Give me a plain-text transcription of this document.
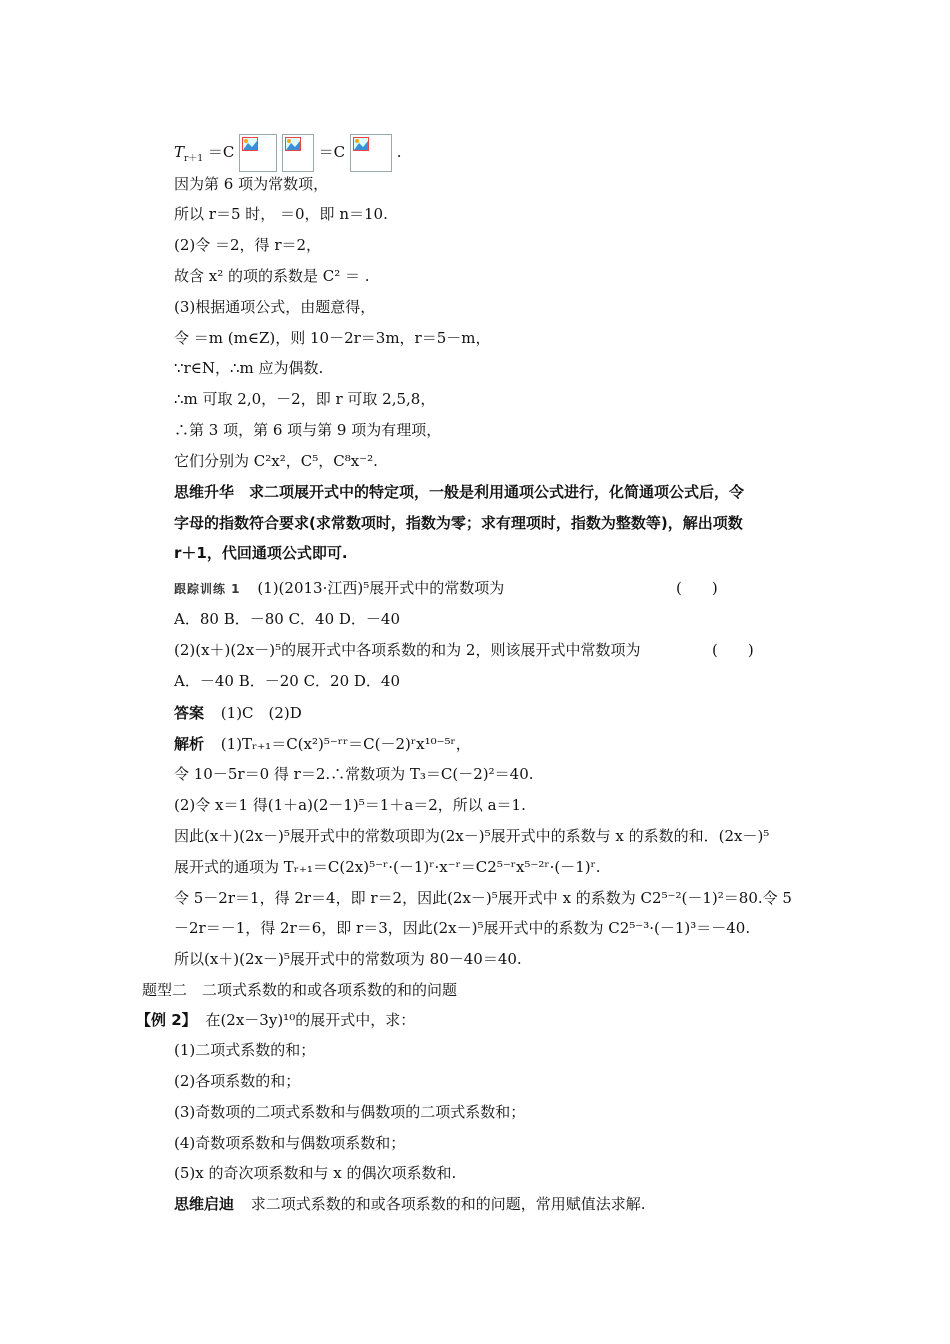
$T_{r+1} =C$
	＝C	.
因为第 6 项为常数项，
所以 r＝5 时， ＝0，即 n＝10.
(2)令 ＝2，得 r＝2，
故含 x² 的项的系数是 C² ＝ .
(3)根据通项公式，由题意得，
令 ＝m (m∈Z)，则 10－2r＝3m，r＝5－m，
∵r∈N，∴m 应为偶数.
∴m 可取 2,0，－2，即 r 可取 2,5,8，
∴第 3 项，第 6 项与第 9 项为有理项，
它们分别为 C²x²，C⁵，C⁸x⁻².
思维升华　求二项展开式中的特定项，一般是利用通项公式进行，化简通项公式后，令
字母的指数符合要求(求常数项时，指数为零；求有理项时，指数为整数等)，解出项数
r＋1，代回通项公式即可.
跟踪训练 1 (1)(2013·江西)⁵展开式中的常数项为	(　　)
A．80 B．－80 C．40 D．－40
(2)(x＋)(2x－)⁵的展开式中各项系数的和为 2，则该展开式中常数项为	(　　)
A．－40 B．－20 C．20 D．40
答案 (1)C　(2)D
解析 (1)Tᵣ₊₁＝C(x²)⁵⁻ʳʳ＝C(－2)ʳx¹⁰⁻⁵ʳ，
令 10－5r＝0 得 r＝2.∴常数项为 T₃＝C(－2)²＝40.
(2)令 x＝1 得(1＋a)(2－1)⁵＝1＋a＝2，所以 a＝1.
因此(x＋)(2x－)⁵展开式中的常数项即为(2x－)⁵展开式中的系数与 x 的系数的和．(2x－)⁵
展开式的通项为 Tᵣ₊₁＝C(2x)⁵⁻ʳ·(－1)ʳ·x⁻ʳ＝C2⁵⁻ʳx⁵⁻²ʳ·(－1)ʳ.
令 5－2r＝1，得 2r＝4，即 r＝2，因此(2x－)⁵展开式中 x 的系数为 C2⁵⁻²(－1)²＝80.令 5
－2r＝－1，得 2r＝6，即 r＝3，因此(2x－)⁵展开式中的系数为 C2⁵⁻³·(－1)³＝－40.
所以(x＋)(2x－)⁵展开式中的常数项为 80－40＝40.
题型二　二项式系数的和或各项系数的和的问题
【例 2】 在(2x－3y)¹⁰的展开式中，求：
(1)二项式系数的和；
(2)各项系数的和；
(3)奇数项的二项式系数和与偶数项的二项式系数和；
(4)奇数项系数和与偶数项系数和；
(5)x 的奇次项系数和与 x 的偶次项系数和.
思维启迪 求二项式系数的和或各项系数的和的问题，常用赋值法求解.
